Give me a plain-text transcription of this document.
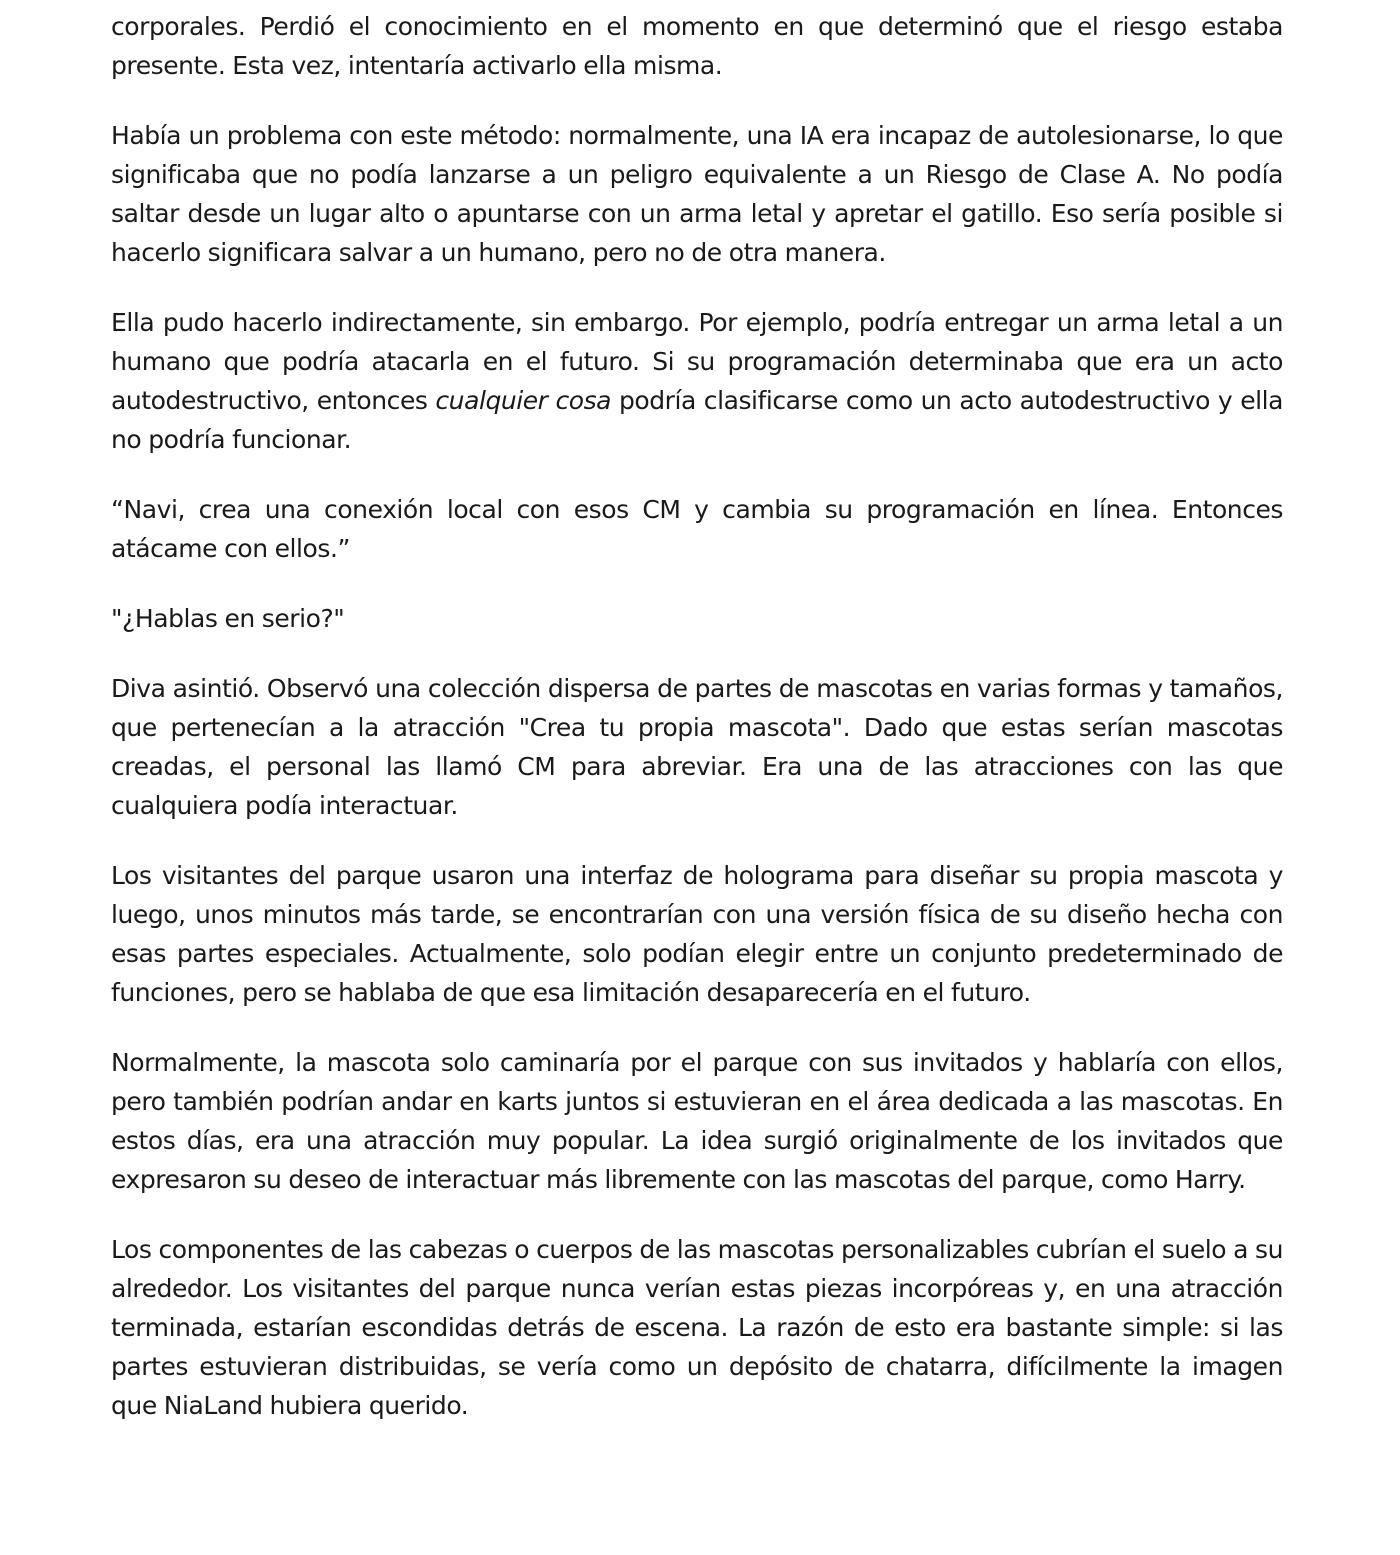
corporales. Perdió el conocimiento en el momento en que determinó que el riesgo estaba presente. Esta vez, intentaría activarlo ella misma.

Había un problema con este método: normalmente, una IA era incapaz de autolesionarse, lo que significaba que no podía lanzarse a un peligro equivalente a un Riesgo de Clase A. No podía saltar desde un lugar alto o apuntarse con un arma letal y apretar el gatillo. Eso sería posible si hacerlo significara salvar a un humano, pero no de otra manera.

Ella pudo hacerlo indirectamente, sin embargo. Por ejemplo, podría entregar un arma letal a un humano que podría atacarla en el futuro. Si su programación determinaba que era un acto autodestructivo, entonces cualquier cosa podría clasificarse como un acto autodestructivo y ella no podría funcionar.

“Navi, crea una conexión local con esos CM y cambia su programación en línea. Entonces atácame con ellos.”

"¿Hablas en serio?"

Diva asintió. Observó una colección dispersa de partes de mascotas en varias formas y tamaños, que pertenecían a la atracción "Crea tu propia mascota". Dado que estas serían mascotas creadas, el personal las llamó CM para abreviar. Era una de las atracciones con las que cualquiera podía interactuar.

Los visitantes del parque usaron una interfaz de holograma para diseñar su propia mascota y luego, unos minutos más tarde, se encontrarían con una versión física de su diseño hecha con esas partes especiales. Actualmente, solo podían elegir entre un conjunto predeterminado de funciones, pero se hablaba de que esa limitación desaparecería en el futuro.

Normalmente, la mascota solo caminaría por el parque con sus invitados y hablaría con ellos, pero también podrían andar en karts juntos si estuvieran en el área dedicada a las mascotas. En estos días, era una atracción muy popular. La idea surgió originalmente de los invitados que expresaron su deseo de interactuar más libremente con las mascotas del parque, como Harry.

Los componentes de las cabezas o cuerpos de las mascotas personalizables cubrían el suelo a su alrededor. Los visitantes del parque nunca verían estas piezas incorpóreas y, en una atracción terminada, estarían escondidas detrás de escena. La razón de esto era bastante simple: si las partes estuvieran distribuidas, se vería como un depósito de chatarra, difícilmente la imagen que NiaLand hubiera querido.
